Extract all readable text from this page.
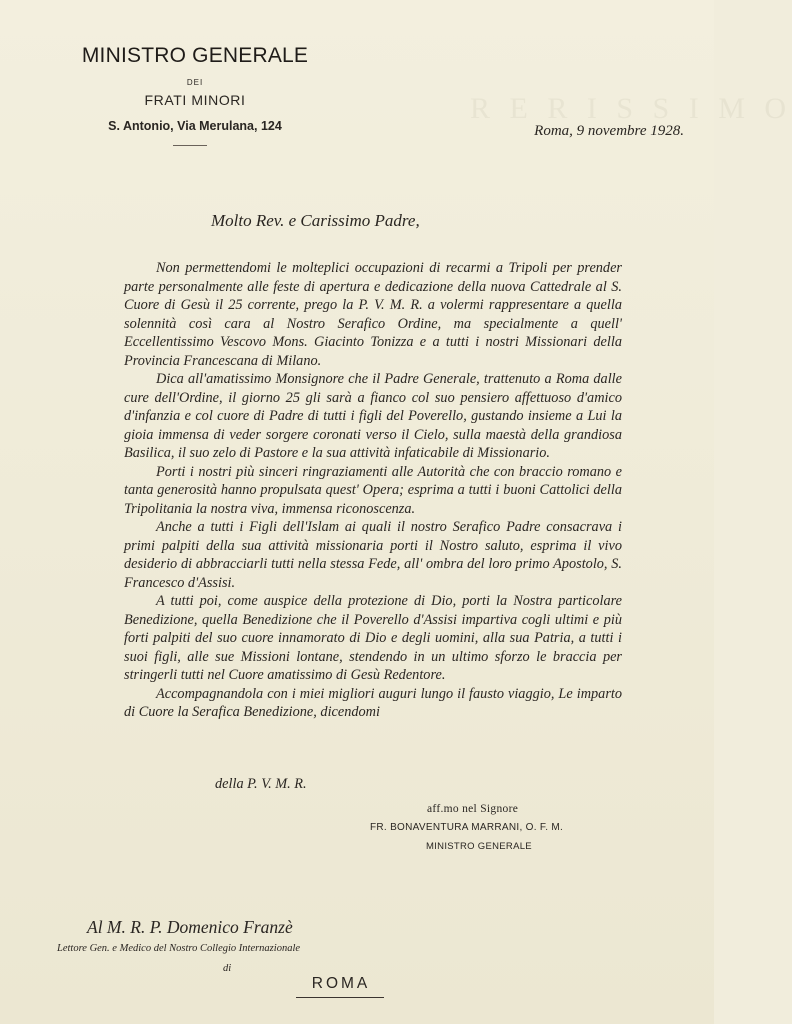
R E R I S S I M O
MINISTRO GENERALE
DEI
FRATI MINORI
S. Antonio, Via Merulana, 124	Roma, 9 novembre 1928.
Molto Rev. e Carissimo Padre,

Non permettendomi le molteplici occupazioni di recarmi a Tripoli per prender parte personalmente alle feste di apertura e dedicazione della nuova Cattedrale al S. Cuore di Gesù il 25 corrente, prego la P. V. M. R. a volermi rappresentare a quella solennità così cara al Nostro Serafico Ordine, ma specialmente a quell' Eccellentissimo Vescovo Mons. Giacinto Tonizza e a tutti i nostri Missionari della Provincia Francescana di Milano.

Dica all'amatissimo Monsignore che il Padre Generale, trattenuto a Roma dalle cure dell'Ordine, il giorno 25 gli sarà a fianco col suo pensiero affettuoso d'amico d'infanzia e col cuore di Padre di tutti i figli del Poverello, gustando insieme a Lui la gioia immensa di veder sorgere coronati verso il Cielo, sulla maestà della grandiosa Basilica, il suo zelo di Pastore e la sua attività infaticabile di Missionario.

Porti i nostri più sinceri ringraziamenti alle Autorità che con braccio romano e tanta generosità hanno propulsata quest' Opera; esprima a tutti i buoni Cattolici della Tripolitania la nostra viva, immensa riconoscenza.

Anche a tutti i Figli dell'Islam ai quali il nostro Serafico Padre consacrava i primi palpiti della sua attività missionaria porti il Nostro saluto, esprima il vivo desiderio di abbracciarli tutti nella stessa Fede, all' ombra del loro primo Apostolo, S. Francesco d'Assisi.

A tutti poi, come auspice della protezione di Dio, porti la Nostra particolare Benedizione, quella Benedizione che il Poverello d'Assisi impartiva cogli ultimi e più forti palpiti del suo cuore innamorato di Dio e degli uomini, alla sua Patria, a tutti i suoi figli, alle sue Missioni lontane, stendendo in un ultimo sforzo le braccia per stringerli tutti nel Cuore amatissimo di Gesù Redentore.

Accompagnandola con i miei migliori auguri lungo il fausto viaggio, Le imparto di Cuore la Serafica Benedizione, dicendomi

della P. V. M. R.
aff.mo nel Signore
FR. BONAVENTURA MARRANI, O. F. M.
MINISTRO GENERALE
Al M. R. P. Domenico Franzè
Lettore Gen. e Medico del Nostro Collegio Internazionale
di
ROMA
